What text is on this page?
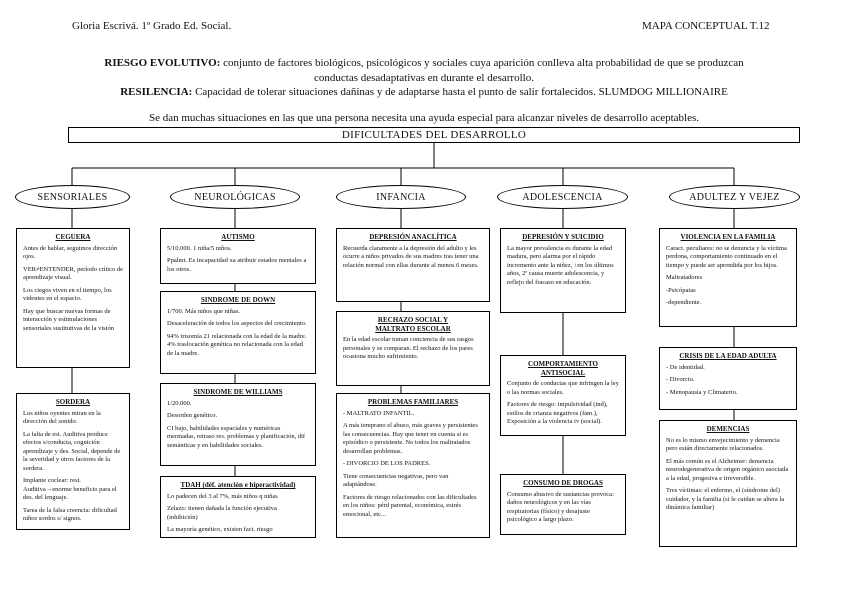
Gloria Escrivá. 1º Grado Ed. Social.	MAPA CONCEPTUAL T.12

RIESGO EVOLUTIVO: conjunto de factores biológicos, psicológicos y sociales cuya aparición conlleva alta probabilidad de que se produzcan

conductas desadaptativas en durante el desarrollo.

RESILENCIA: Capacidad de tolerar situaciones dañinas y de adaptarse hasta el punto de salir fortalecidos. SLUMDOG MILLIONAIRE

Se dan muchas situaciones en las que una persona necesita una ayuda especial para alcanzar niveles de desarrollo aceptables.
DIFICULTADES DEL DESARROLLO
SENSORIALES	NEUROLÓGICAS	INFANCIA	ADOLESCENCIA	ADULTEZ Y VEJEZ
CEGUERA

Antes de hablar, seguimos dirección ojos.

VER≠ENTENDER, período crítico de aprendizaje visual.

Los ciegos viven en el tiempo, los videntes en el espacio.

Hay que buscar nuevas formas de interacción y estimulaciones sensoriales sustitutivas de la visión

SORDERA

Los niños oyentes miran en la dirección del sonido.

La falta de est. Auditiva produce efectos s/conducta, cognición aprendizaje y des. Social, depende de la severidad y otros factores de la sordera.

Implante coclear: rest. Auditiva→enorme beneficio para el des. del lenguaje.

Tarea de la falsa creencia: dificultad niños sordos s/ signos.

AUTISMO

5/10.000. 1 niña/5 niños.

Ppalmt. Es incapacidad xa atribuir estados mentales a los otros.

SINDROME DE DOWN

1/700. Más niños que niñas.

Desaceleración de todos los aspectos del crecimiento.

94% trisomía 21 relacionada con la edad de la madre. 4% traslocación genética no relacionada con la edad de la madre.

SINDROME DE WILLIAMS

1/20.000.

Desorden genético.

CI bajo, habilidades espaciales y numéricas mermadas, retraso res. problemas y planificación, dif semánticas y en habilidades sociales.

TDAH (déf. atención e hiperactividad)

Lo padecen del 3 al 7%, más niños q niñas

Zelazo: tienen dañada la función ejecutiva (inhibición)

La mayoría genético, existen fact. riesgo

DEPRESIÓN ANACLÍTICA

Recuerda claramente a la depresión del adulto y les ocurre a niños privados de sus madres tras tener una relación normal con ellas durante al menos 6 meses.

RECHAZO SOCIAL Y MALTRATO ESCOLAR

En la edad escolar toman conciencia de sus rasgos personales y se comparan. El rechazo de los pares ocasiona mucho sufrimiento.

PROBLEMAS FAMILIARES

- MALTRATO INFANTIL.

A más temprano el abuso, más graves y persistentes las consecuencias. Hay que tener en cuenta si es episódico o persistente. No todos los maltratados desarrollan problemas.

- DIVORCIO DE LOS PADRES.

Tiene consecuencias negativas, pero van adaptándose.

Factores de riesgo relacionados con las dificultades en los niños: pérd parental, económica, estrés emocional, etc...

DEPRESIÓN Y SUICIDIO

La mayor prevalencia es durante la edad madura, pero alarma por el rápido incremento ante la niñez, ↑en los últimos años, 2ª causa muerte adolescencia, y reflejo del fracaso en educación.

COMPORTAMIENTO ANTISOCIAL

Conjunto de conductas que infringen la ley o las normas sociales.

Factores de riesgo: impulsividad (ind), estilos de crianza negativos (fam.), Exposición a la violencia tv (social).

CONSUMO DE DROGAS

Consumo abusivo de sustancias provoca: daños neurológicos y en las vías respiratorias (físico) y desajuste psicológico a largo plazo.

VIOLENCIA EN LA FAMILIA

Caract. peculiares: no se denuncia y la víctima perdona, comportamiento continuado en el tiempo y puede ser aprendida por los hijos.

Maltratadores

-Psicópatas

-dependiente.

CRISIS DE LA EDAD ADULTA

- De identidad.

- Divorcio.

- Menopausia y Climaterio.

DEMENCIAS

No es lo mismo envejecimiento y demencia pero están directamente relacionados.

El más común es el Alzheimer: demencia neurodegenerativa de origen orgánico asociada a la edad, progesiva e irreversible.

Tres víctimas: el enfermo, el (síndrome del) cuidador, y la familia (si le cuidan se altera la dinámica familiar)
